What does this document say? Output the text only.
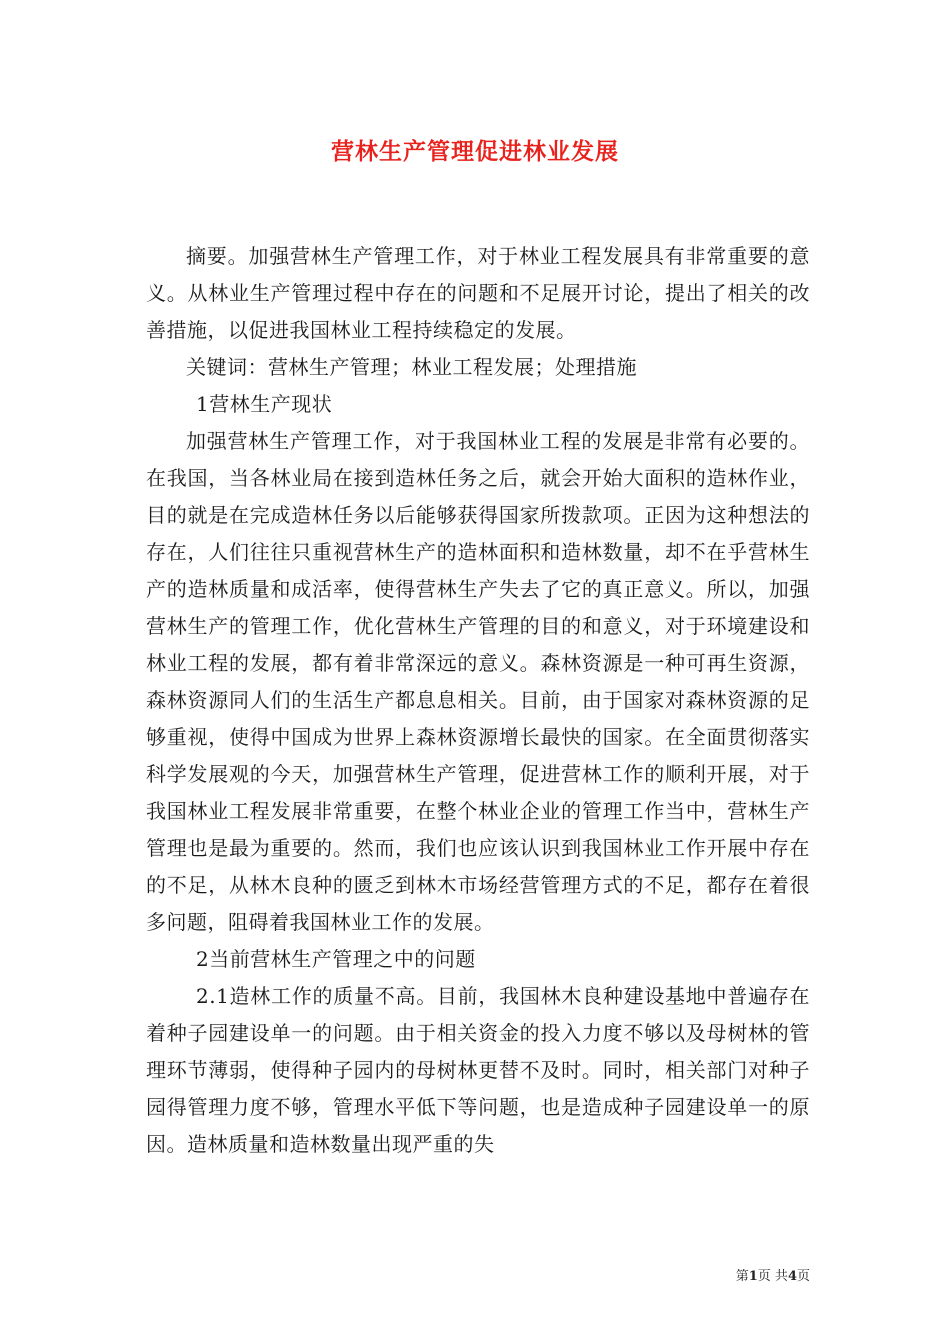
营林生产管理促进林业发展

摘要。加强营林生产管理工作，对于林业工程发展具有非常重要的意义。从林业生产管理过程中存在的问题和不足展开讨论，提出了相关的改善措施，以促进我国林业工程持续稳定的发展。

关键词：营林生产管理；林业工程发展；处理措施

1营林生产现状

加强营林生产管理工作，对于我国林业工程的发展是非常有必要的。在我国，当各林业局在接到造林任务之后，就会开始大面积的造林作业，目的就是在完成造林任务以后能够获得国家所拨款项。正因为这种想法的存在，人们往往只重视营林生产的造林面积和造林数量，却不在乎营林生产的造林质量和成活率，使得营林生产失去了它的真正意义。所以，加强营林生产的管理工作，优化营林生产管理的目的和意义，对于环境建设和林业工程的发展，都有着非常深远的意义。森林资源是一种可再生资源，森林资源同人们的生活生产都息息相关。目前，由于国家对森林资源的足够重视，使得中国成为世界上森林资源增长最快的国家。在全面贯彻落实科学发展观的今天，加强营林生产管理，促进营林工作的顺利开展，对于我国林业工程发展非常重要，在整个林业企业的管理工作当中，营林生产管理也是最为重要的。然而，我们也应该认识到我国林业工作开展中存在的不足，从林木良种的匮乏到林木市场经营管理方式的不足，都存在着很多问题，阻碍着我国林业工作的发展。

2当前营林生产管理之中的问题

2.1造林工作的质量不高。目前，我国林木良种建设基地中普遍存在着种子园建设单一的问题。由于相关资金的投入力度不够以及母树林的管理环节薄弱，使得种子园内的母树林更替不及时。同时，相关部门对种子园得管理力度不够，管理水平低下等问题，也是造成种子园建设单一的原因。造林质量和造林数量出现严重的失

第1页 共4页
